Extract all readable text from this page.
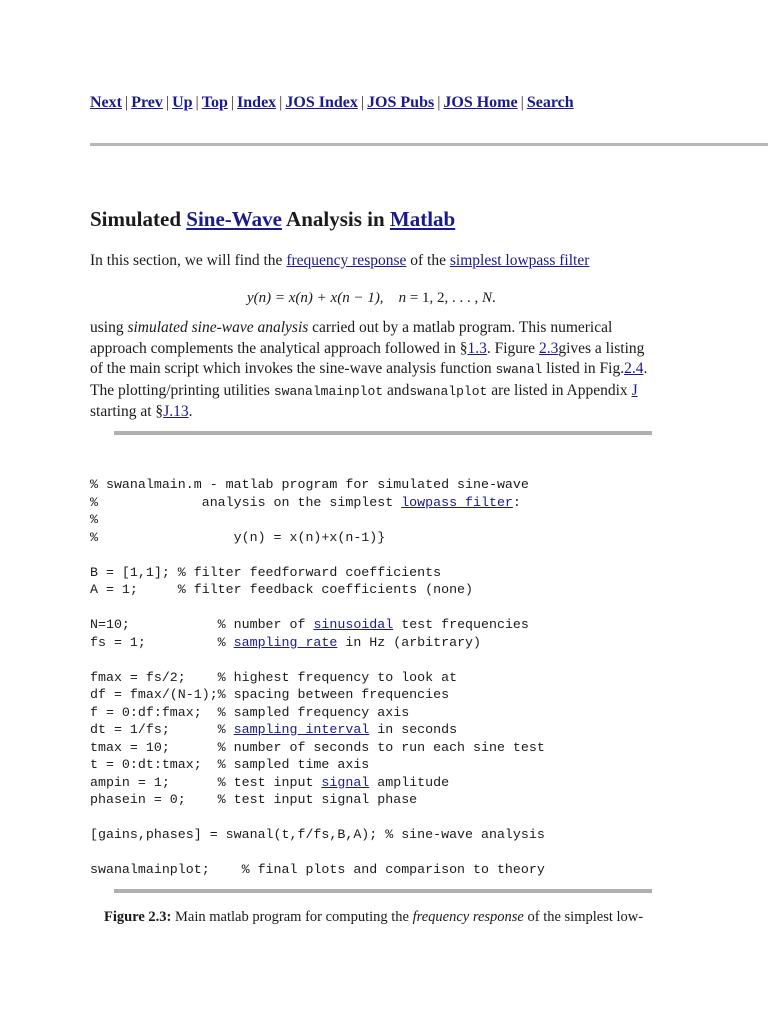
Next | Prev | Up | Top | Index | JOS Index | JOS Pubs | JOS Home | Search
Simulated Sine-Wave Analysis in Matlab

In this section, we will find the frequency response of the simplest lowpass filter

y(n) = x(n) + x(n − 1), n = 1, 2, . . . , N.

using simulated sine-wave analysis carried out by a matlab program. This numerical approach complements the analytical approach followed in §1.3. Figure 2.3gives a listing of the main script which invokes the sine-wave analysis function swanal listed in Fig.2.4. The plotting/printing utilities swanalmainplot andswanalplot are listed in Appendix J starting at §J.13.

% swanalmain.m - matlab program for simulated sine-wave
%             analysis on the simplest lowpass filter:
%
%                 y(n) = x(n)+x(n-1)}
B = [1,1]; % filter feedforward coefficients
A = 1;     % filter feedback coefficients (none)
N=10;           % number of sinusoidal test frequencies
fs = 1;         % sampling rate in Hz (arbitrary)
fmax = fs/2;    % highest frequency to look at
df = fmax/(N-1);% spacing between frequencies
f = 0:df:fmax;  % sampled frequency axis
dt = 1/fs;      % sampling interval in seconds
tmax = 10;      % number of seconds to run each sine test
t = 0:dt:tmax;  % sampled time axis
ampin = 1;      % test input signal amplitude
phasein = 0;    % test input signal phase
[gains,phases] = swanal(t,f/fs,B,A); % sine-wave analysis
swanalmainplot;    % final plots and comparison to theory

Figure 2.3: Main matlab program for computing the frequency response of the simplest low-
